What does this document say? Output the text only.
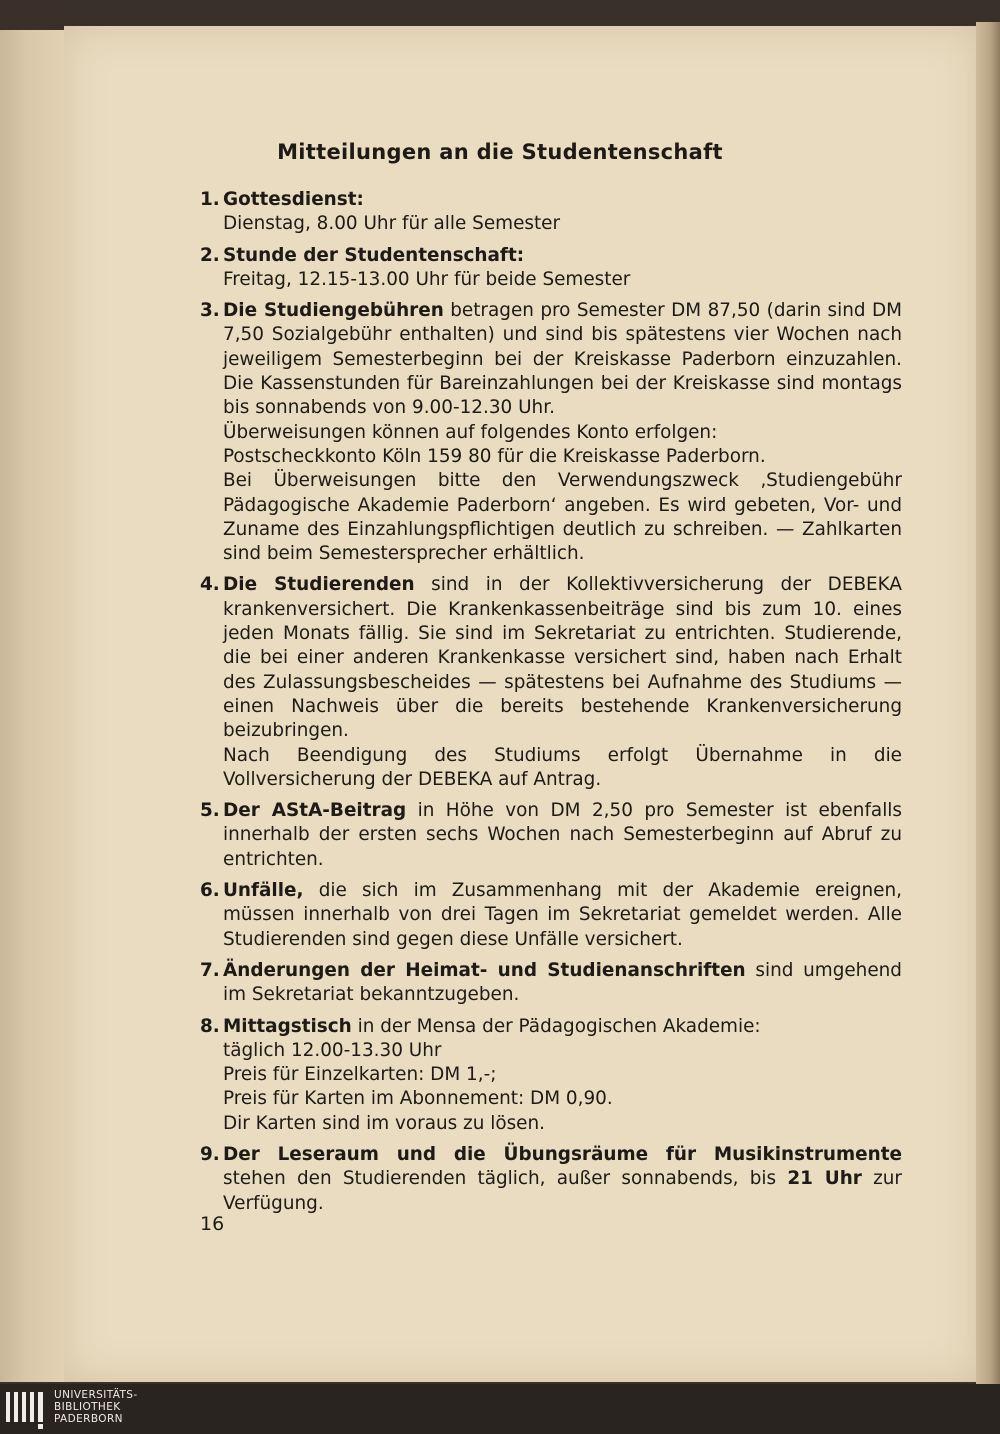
Mitteilungen an die Studentenschaft
1. Gottesdienst:

Dienstag, 8.00 Uhr für alle Semester

2. Stunde der Studentenschaft:

Freitag, 12.15-13.00 Uhr für beide Semester

3. Die Studiengebühren betragen pro Semester DM 87,50 (darin sind DM 7,50 Sozialgebühr enthalten) und sind bis spätestens vier Wochen nach jeweiligem Semesterbeginn bei der Kreiskasse Paderborn einzuzahlen. Die Kassenstunden für Bareinzahlungen bei der Kreiskasse sind montags bis sonnabends von 9.00-12.30 Uhr.

Überweisungen können auf folgendes Konto erfolgen:

Postscheckkonto Köln 159 80 für die Kreiskasse Paderborn.

Bei Überweisungen bitte den Verwendungszweck ‚Studiengebühr Pädagogische Akademie Paderborn‘ angeben. Es wird gebeten, Vor- und Zuname des Einzahlungspflichtigen deutlich zu schreiben. — Zahlkarten sind beim Semestersprecher erhältlich.

4. Die Studierenden sind in der Kollektivversicherung der DEBEKA krankenversichert. Die Krankenkassenbeiträge sind bis zum 10. eines jeden Monats fällig. Sie sind im Sekretariat zu entrichten. Studierende, die bei einer anderen Krankenkasse versichert sind, haben nach Erhalt des Zulassungsbescheides — spätestens bei Aufnahme des Studiums — einen Nachweis über die bereits bestehende Krankenversicherung beizubringen.

Nach Beendigung des Studiums erfolgt Übernahme in die Vollversicherung der DEBEKA auf Antrag.

5. Der AStA-Beitrag in Höhe von DM 2,50 pro Semester ist ebenfalls innerhalb der ersten sechs Wochen nach Semesterbeginn auf Abruf zu entrichten.

6. Unfälle, die sich im Zusammenhang mit der Akademie ereignen, müssen innerhalb von drei Tagen im Sekretariat gemeldet werden. Alle Studierenden sind gegen diese Unfälle versichert.

7. Änderungen der Heimat- und Studienanschriften sind umgehend im Sekretariat bekanntzugeben.

8. Mittagstisch in der Mensa der Pädagogischen Akademie:

täglich 12.00-13.30 Uhr

Preis für Einzelkarten: DM 1,-;

Preis für Karten im Abonnement: DM 0,90.

Dir Karten sind im voraus zu lösen.

9. Der Leseraum und die Übungsräume für Musikinstrumente stehen den Studierenden täglich, außer sonnabends, bis 21 Uhr zur Verfügung.

16
UNIVERSITÄTS-
BIBLIOTHEK
PADERBORN
